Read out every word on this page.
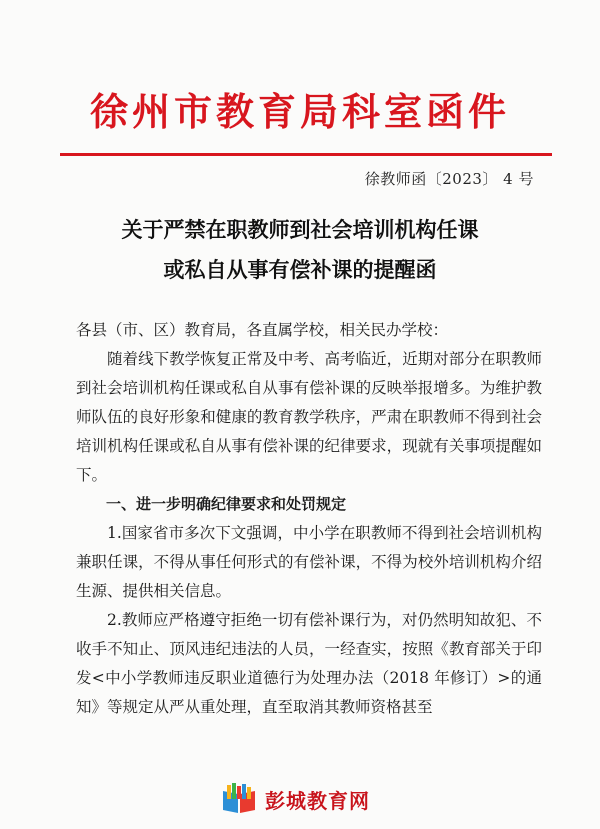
徐州市教育局科室函件
徐教师函〔2023〕 4 号
关于严禁在职教师到社会培训机构任课
或私自从事有偿补课的提醒函

各县（市、区）教育局，各直属学校，相关民办学校：

随着线下教学恢复正常及中考、高考临近，近期对部分在职教师到社会培训机构任课或私自从事有偿补课的反映举报增多。为维护教师队伍的良好形象和健康的教育教学秩序，严肃在职教师不得到社会培训机构任课或私自从事有偿补课的纪律要求，现就有关事项提醒如下。

一、进一步明确纪律要求和处罚规定

1.国家省市多次下文强调，中小学在职教师不得到社会培训机构兼职任课，不得从事任何形式的有偿补课，不得为校外培训机构介绍生源、提供相关信息。

2.教师应严格遵守拒绝一切有偿补课行为，对仍然明知故犯、不收手不知止、顶风违纪违法的人员，一经查实，按照《教育部关于印发<中小学教师违反职业道德行为处理办法（2018 年修订）>的通知》等规定从严从重处理，直至取消其教师资格甚至

彭城教育网
